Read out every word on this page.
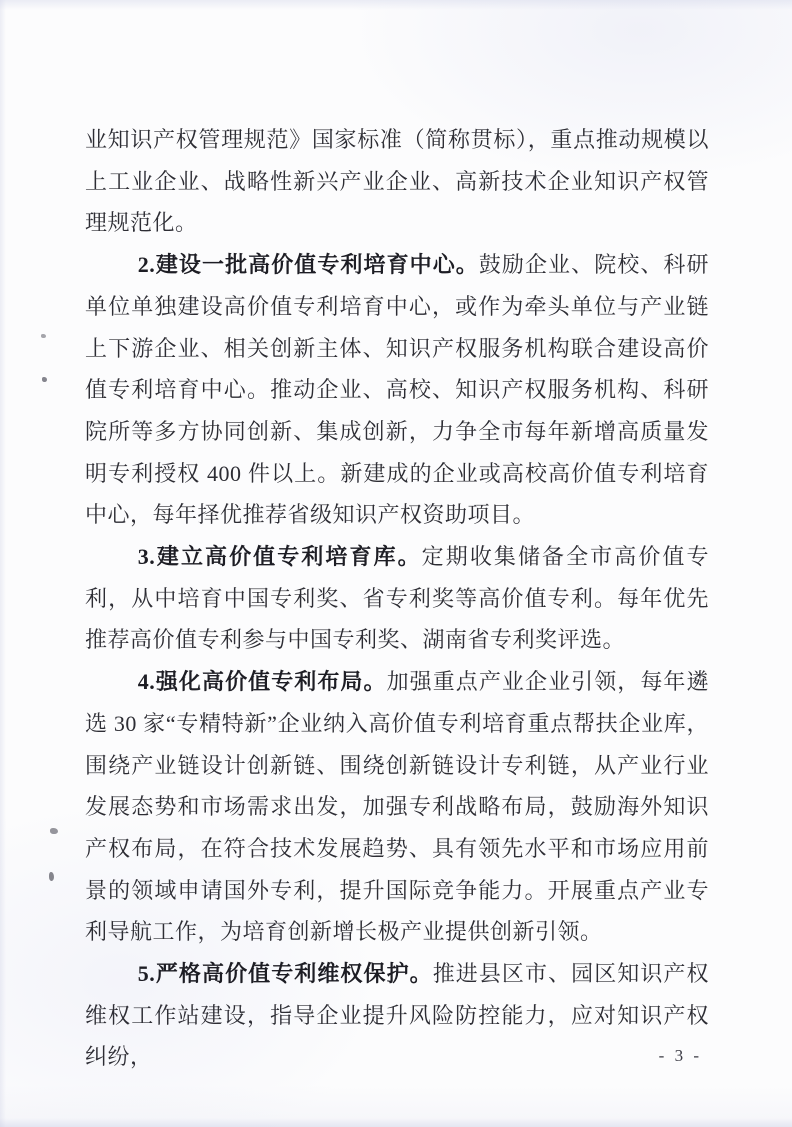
业知识产权管理规范》国家标准（简称贯标），重点推动规模以上工业企业、战略性新兴产业企业、高新技术企业知识产权管理规范化。

2.建设一批高价值专利培育中心。鼓励企业、院校、科研单位单独建设高价值专利培育中心，或作为牵头单位与产业链上下游企业、相关创新主体、知识产权服务机构联合建设高价值专利培育中心。推动企业、高校、知识产权服务机构、科研院所等多方协同创新、集成创新，力争全市每年新增高质量发明专利授权 400 件以上。新建成的企业或高校高价值专利培育中心，每年择优推荐省级知识产权资助项目。

3.建立高价值专利培育库。定期收集储备全市高价值专利，从中培育中国专利奖、省专利奖等高价值专利。每年优先推荐高价值专利参与中国专利奖、湖南省专利奖评选。

4.强化高价值专利布局。加强重点产业企业引领，每年遴选 30 家“专精特新”企业纳入高价值专利培育重点帮扶企业库，围绕产业链设计创新链、围绕创新链设计专利链，从产业行业发展态势和市场需求出发，加强专利战略布局，鼓励海外知识产权布局，在符合技术发展趋势、具有领先水平和市场应用前景的领域申请国外专利，提升国际竞争能力。开展重点产业专利导航工作，为培育创新增长极产业提供创新引领。

5.严格高价值专利维权保护。推进县区市、园区知识产权维权工作站建设，指导企业提升风险防控能力，应对知识产权纠纷，	- 3 -
